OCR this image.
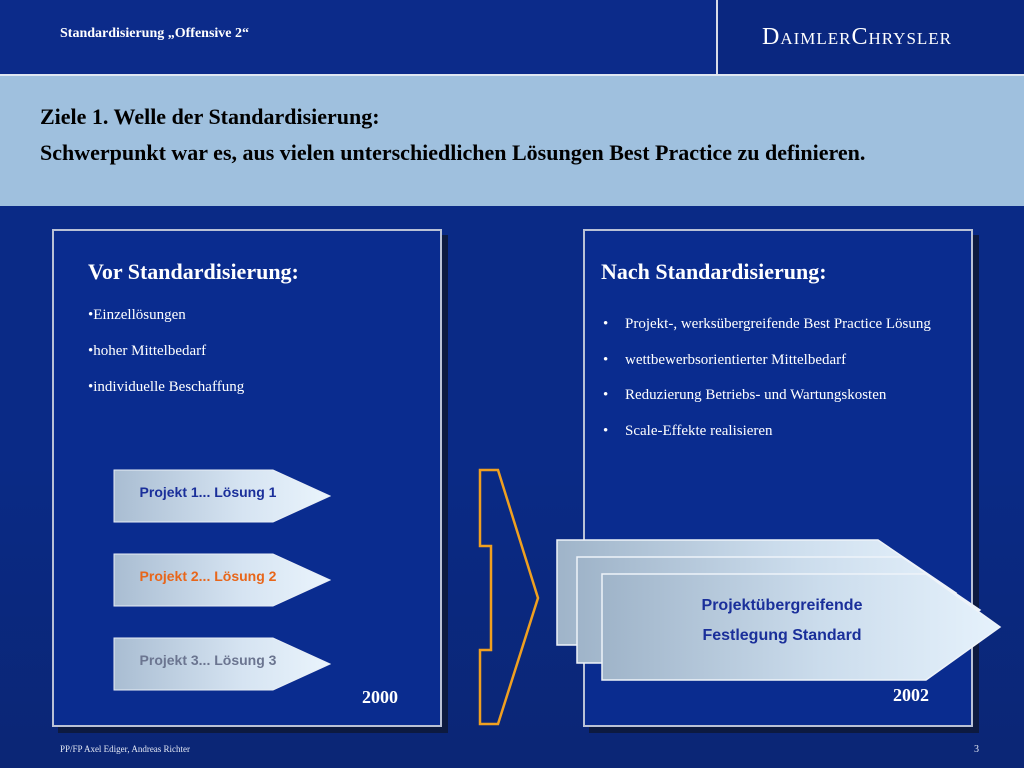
Standardisierung „Offensive 2“	DaimlerChrysler
Ziele 1. Welle der Standardisierung:
Schwerpunkt war es, aus vielen unterschiedlichen Lösungen Best Practice zu definieren.
Vor Standardisierung:
•Einzellösungen
•hoher Mittelbedarf
•individuelle Beschaffung
2000
Projekt 1... Lösung 1
Projekt 2... Lösung 2
Projekt 3... Lösung 3
Nach Standardisierung:
• Projekt-, werksübergreifende Best Practice Lösung
• wettbewerbsorientierter Mittelbedarf
• Reduzierung Betriebs- und Wartungskosten
• Scale-Effekte realisieren
2002
Projektübergreifende
Festlegung Standard
PP/FP Axel Ediger, Andreas Richter	3
